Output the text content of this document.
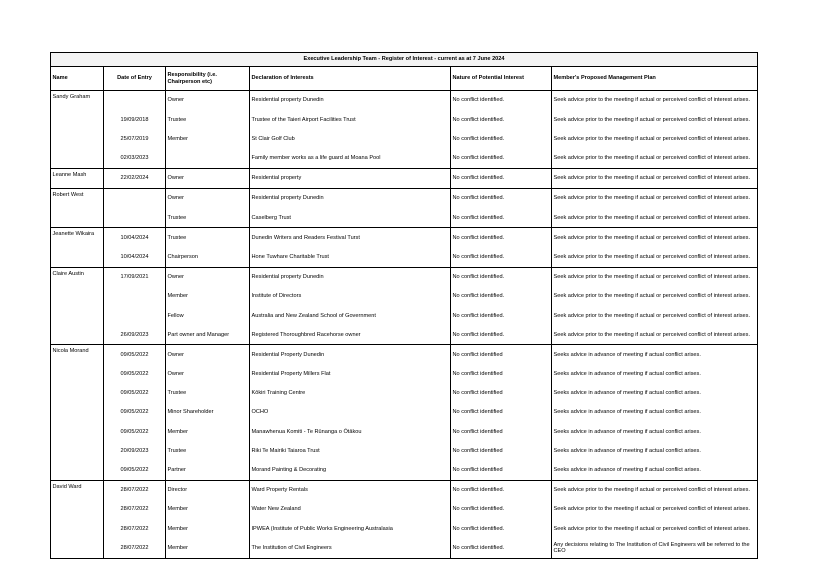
Executive Leadership Team - Register of Interest - current as at 7 June 2024					
Name	Date of Entry	Responsibility (i.e. Chairperson etc)	Declaration of Interests	Nature of Potential Interest	Member's Proposed Management Plan
Sandy Graham		Owner	Residential property Dunedin	No conflict identified.	Seek advice prior to the meeting if actual or perceived conflict of interest arises.
	19/09/2018	Trustee	Trustee of the Taieri Airport Facilities Trust	No conflict identified.	Seek advice prior to the meeting if actual or perceived conflict of interest arises.
	25/07/2019	Member	St Clair Golf Club	No conflict identified.	Seek advice prior to the meeting if actual or perceived conflict of interest arises.
	02/03/2023		Family member works as a life guard at Moana Pool	No conflict identified.	Seek advice prior to the meeting if actual or perceived conflict of interest arises.
Leanne Mash	22/02/2024	Owner	Residential property	No conflict identified.	Seek advice prior to the meeting if actual or perceived conflict of interest arises.
Robert West		Owner	Residential property Dunedin	No conflict identified.	Seek advice prior to the meeting if actual or perceived conflict of interest arises.
		Trustee	Caselberg Trust	No conflict identified.	Seek advice prior to the meeting if actual or perceived conflict of interest arises.
Jeanette Wikaira	10/04/2024	Trustee	Dunedin Writers and Readers Festival Turst	No conflict identified.	Seek advice prior to the meeting if actual or perceived conflict of interest arises.
	10/04/2024	Chairperson	Hone Tuwhare Charitable Trust	No conflict identified.	Seek advice prior to the meeting if actual or perceived conflict of interest arises.
Claire Austin	17/09/2021	Owner	Residential property Dunedin	No conflict identified.	Seek advice prior to the meeting if actual or perceived conflict of interest arises.
		Member	Institute of Directors	No conflict identified.	Seek advice prior to the meeting if actual or perceived conflict of interest arises.
		Fellow	Australia and New Zealand School of Government	No conflict identified.	Seek advice prior to the meeting if actual or perceived conflict of interest arises.
	26/09/2023	Part owner and Manager	Registered Thoroughbred Racehorse owner	No conflict identified.	Seek advice prior to the meeting if actual or perceived conflict of interest arises.
Nicola Morand	09/05/2022	Owner	Residential Property Dunedin	No conflict identified	Seeks advice in advance of meeting if actual conflict arises.
	09/05/2022	Owner	Residential Property Millers Flat	No conflict identified	Seeks advice in advance of meeting if actual conflict arises.
	09/05/2022	Trustee	Kōkiri Training Centre	No conflict identified	Seeks advice in advance of meeting if actual conflict arises.
	09/05/2022	Minor Shareholder	OCHO	No conflict identified	Seeks advice in advance of meeting if actual conflict arises.
	09/05/2022	Member	Manawhenua Komiti - Te Rūnanga o Ōtākou	No conflict identified	Seeks advice in advance of meeting if actual conflict arises.
	20/09/2023	Trustee	Riki Te Mairiki Taiaroa Trust	No conflict identified	Seeks advice in advance of meeting if actual conflict arises.
	09/05/2022	Partner	Morand Painting & Decorating	No conflict identified	Seeks advice in advance of meeting if actual conflict arises.
David Ward	28/07/2022	Director	Ward Property Rentals	No conflict identified.	Seek advice prior to the meeting if actual or perceived conflict of interest arises.
	28/07/2022	Member	Water New Zealand	No conflict identified.	Seek advice prior to the meeting if actual or perceived conflict of interest arises.
	28/07/2022	Member	IPWEA (Institute of Public Works Engineering Australasia	No conflict identified.	Seek advice prior to the meeting if actual or perceived conflict of interest arises.
	28/07/2022	Member	The Institution of Civil Engineers	No conflict identified.	Any decisions relating to The Institution of Civil Engineers will be referred to the CEO
